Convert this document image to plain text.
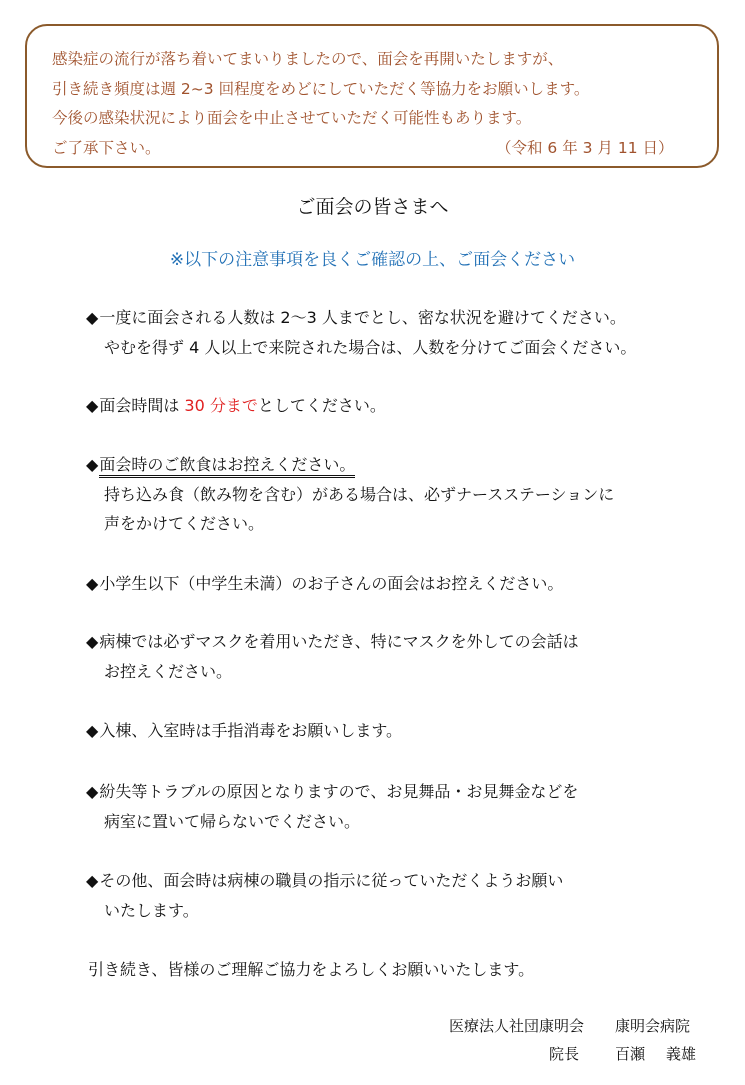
感染症の流行が落ち着いてまいりましたので、面会を再開いたしますが、
引き続き頻度は週 2~3 回程度をめどにしていただく等協力をお願いします。
今後の感染状況により面会を中止させていただく可能性もあります。
ご了承下さい。	（令和 6 年 3 月 11 日）
ご面会の皆さまへ
※以下の注意事項を良くご確認の上、ご面会ください
◆一度に面会される人数は 2～3 人までとし、密な状況を避けてください。
やむを得ず 4 人以上で来院された場合は、人数を分けてご面会ください。
◆面会時間は 30 分までとしてください。
◆面会時のご飲食はお控えください。
持ち込み食（飲み物を含む）がある場合は、必ずナースステーションに
声をかけてください。
◆小学生以下（中学生未満）のお子さんの面会はお控えください。
◆病棟では必ずマスクを着用いただき、特にマスクを外しての会話は
お控えください。
◆入棟、入室時は手指消毒をお願いします。
◆紛失等トラブルの原因となりますので、お見舞品・お見舞金などを
病室に置いて帰らないでください。
◆その他、面会時は病棟の職員の指示に従っていただくようお願い
いたします。
引き続き、皆様のご理解ご協力をよろしくお願いいたします。
医療法人社団康明会 康明会病院
院長 百瀬 義雄
